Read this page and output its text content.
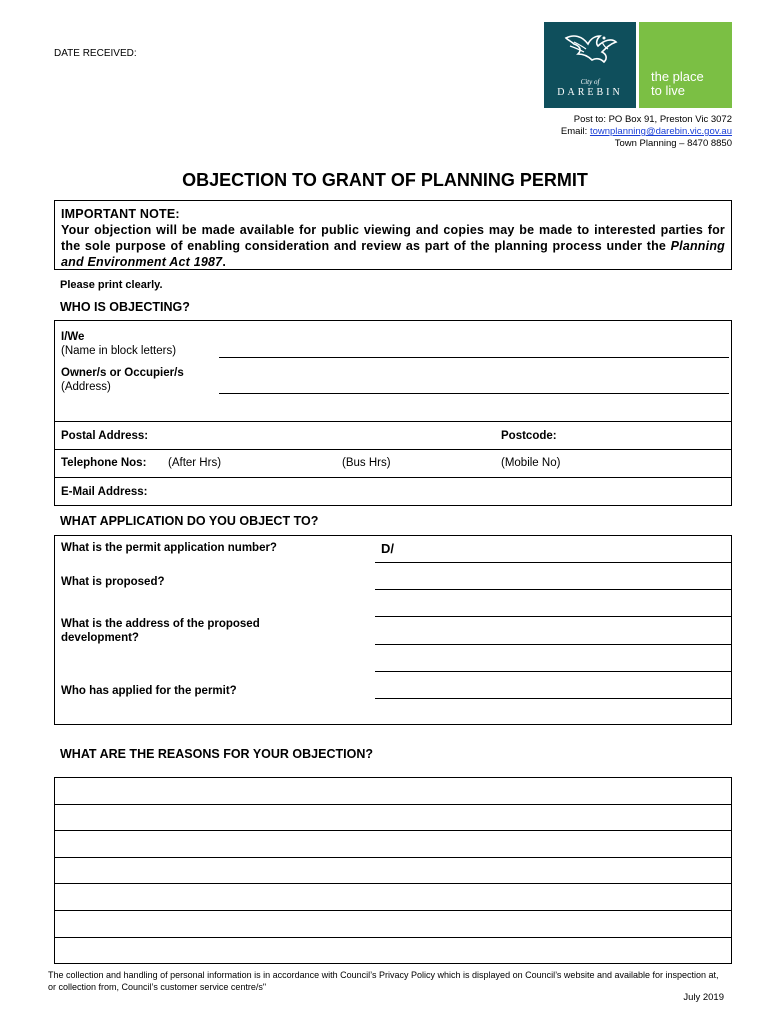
DATE RECEIVED:
City of
DAREBIN
the place
to live
Post to: PO Box 91, Preston Vic 3072
Email: townplanning@darebin.vic.gov.au
Town Planning – 8470 8850
OBJECTION TO GRANT OF PLANNING PERMIT
IMPORTANT NOTE:
Your objection will be made available for public viewing and copies may be made to interested parties for the sole purpose of enabling consideration and review as part of the planning process under the Planning and Environment Act 1987.
Please print clearly.
WHO IS OBJECTING?
I/We
(Name in block letters)
Owner/s or Occupier/s
(Address)
Postal Address:	Postcode:
Telephone Nos: (After Hrs)	(Bus Hrs)	(Mobile No)
E-Mail Address:
WHAT APPLICATION DO YOU OBJECT TO?
What is the permit application number?	D/
What is proposed?
What is the address of the proposed
development?
Who has applied for the permit?
WHAT ARE THE REASONS FOR YOUR OBJECTION?
The collection and handling of personal information is in accordance with Council’s Privacy Policy which is displayed on Council’s website and available for inspection at, or collection from, Council’s customer service centre/s"
July 2019
